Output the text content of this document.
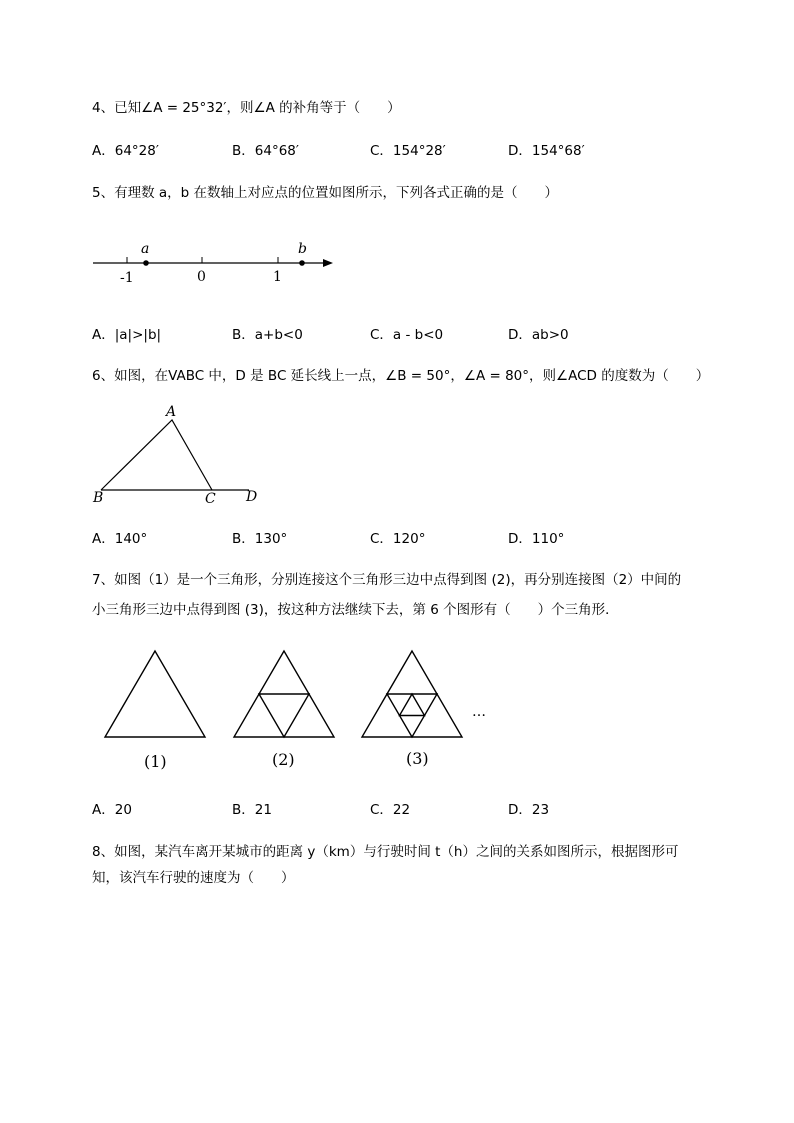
4、已知∠A = 25°32′，则∠A 的补角等于（　　）
A．64°28′	B．64°68′	C．154°28′	D．154°68′
5、有理数 a，b 在数轴上对应点的位置如图所示，下列各式正确的是（　　）
a	b
-1	0	1
A
B	C D
(1)	(2)	(3)
…
A．|a|>|b|	B．a+b<0	C．a - b<0	D．ab>0
6、如图，在VABC 中，D 是 BC 延长线上一点，∠B = 50°，∠A = 80°，则∠ACD 的度数为（　　）
A．140°	B．130°	C．120°	D．110°
7、如图（1）是一个三角形，分别连接这个三角形三边中点得到图 (2)，再分别连接图（2）中间的
小三角形三边中点得到图 (3)，按这种方法继续下去，第 6 个图形有（　　）个三角形．
A．20	B．21	C．22	D．23
8、如图，某汽车离开某城市的距离 y（km）与行驶时间 t（h）之间的关系如图所示，根据图形可
知，该汽车行驶的速度为（　　）
